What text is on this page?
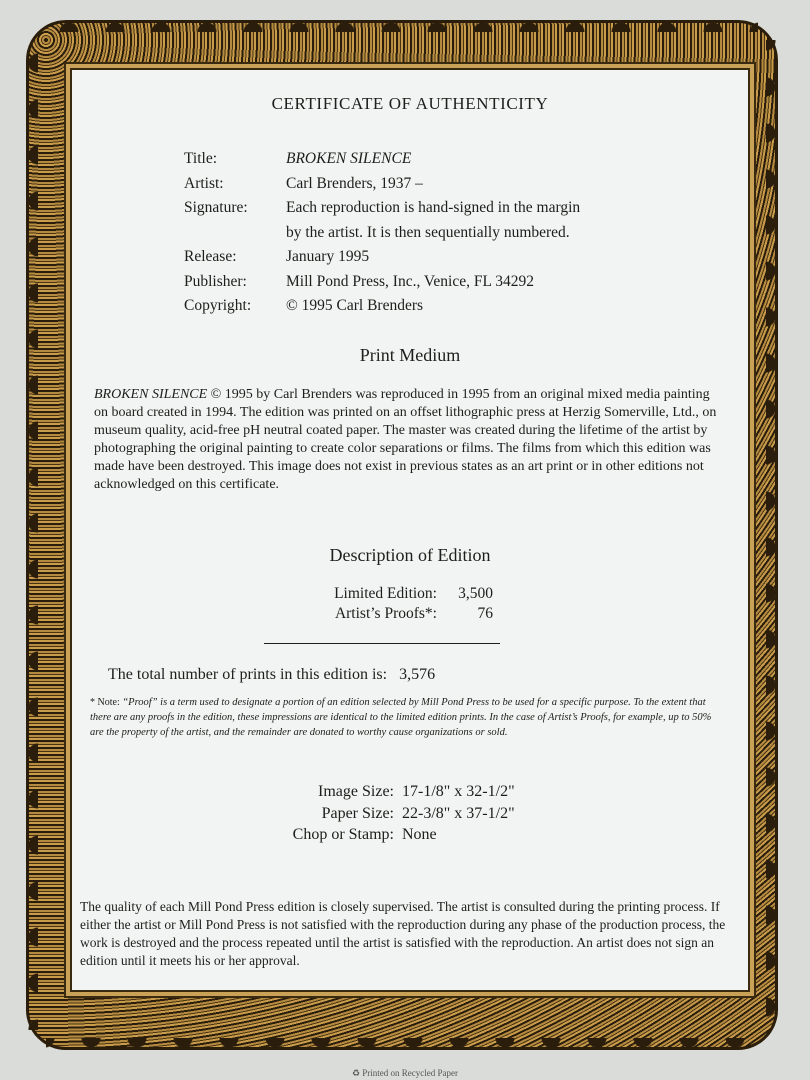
CERTIFICATE OF AUTHENTICITY
Title:	BROKEN SILENCE
Artist:	Carl Brenders, 1937 –
Signature:	Each reproduction is hand-signed in the margin
by the artist. It is then sequentially numbered.
Release:	January 1995
Publisher:	Mill Pond Press, Inc., Venice, FL 34292
Copyright:	© 1995 Carl Brenders
Print Medium

BROKEN SILENCE © 1995 by Carl Brenders was reproduced in 1995 from an original mixed media painting on board created in 1994. The edition was printed on an offset lithographic press at Herzig Somerville, Ltd., on museum quality, acid-free pH neutral coated paper. The master was created during the lifetime of the artist by photographing the original painting to create color separations or films. The films from which this edition was made have been destroyed. This image does not exist in previous states as an art print or in other editions not acknowledged on this certificate.

Description of Edition
Limited Edition:	3,500
Artist’s Proofs*:	76
The total number of prints in this edition is: 3,576

* Note: “Proof” is a term used to designate a portion of an edition selected by Mill Pond Press to be used for a specific purpose. To the extent that there are any proofs in the edition, these impressions are identical to the limited edition prints. In the case of Artist’s Proofs, for example, up to 50% are the property of the artist, and the remainder are donated to worthy cause organizations or sold.

Image Size: 17-1/8" x 32-1/2"
Paper Size: 22-3/8" x 37-1/2"
Chop or Stamp: None

The quality of each Mill Pond Press edition is closely supervised. The artist is consulted during the printing process. If either the artist or Mill Pond Press is not satisfied with the reproduction during any phase of the production process, the work is destroyed and the process repeated until the artist is satisfied with the reproduction. An artist does not sign an edition until it meets his or her approval.

♻ Printed on Recycled Paper
